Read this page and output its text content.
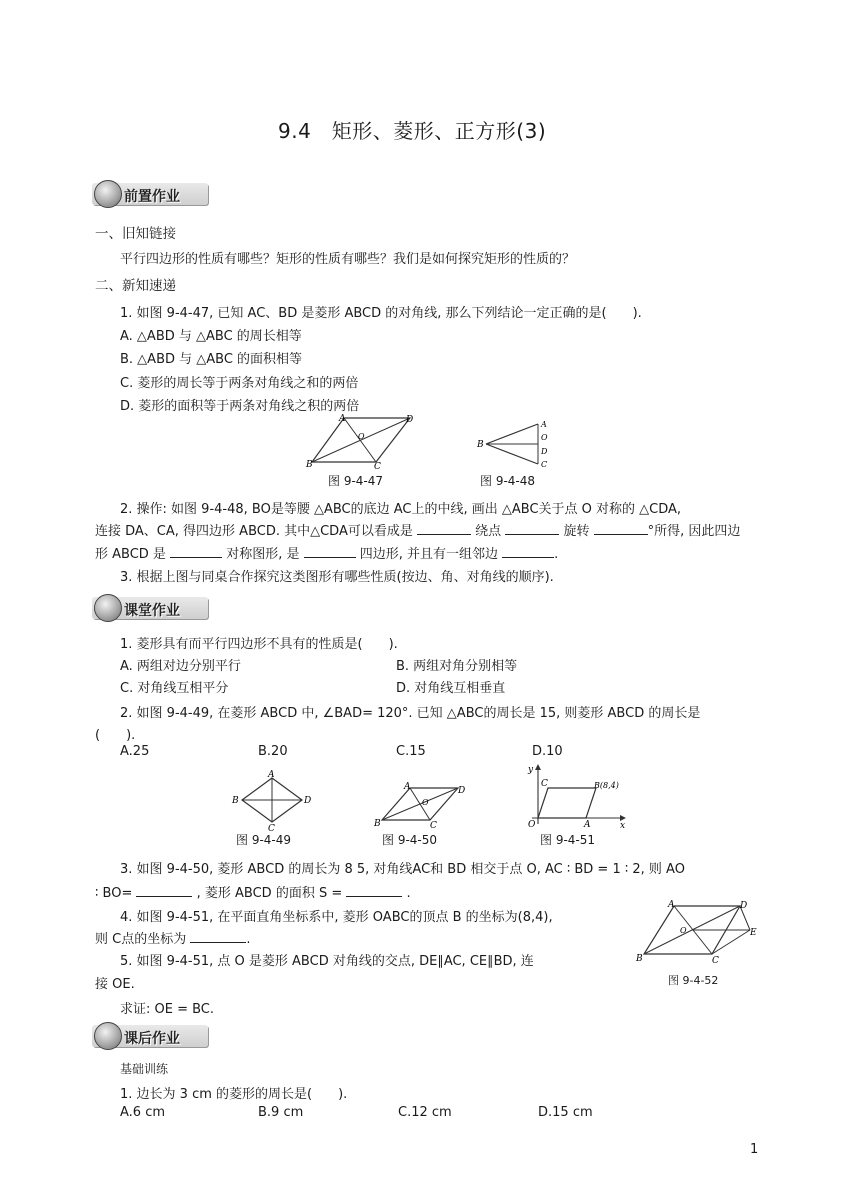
9.4　矩形、菱形、正方形(3)
前置作业
一、旧知链接
平行四边形的性质有哪些？矩形的性质有哪些？我们是如何探究矩形的性质的？
二、新知速递
1. 如图 9-4-47, 已知 AC、BD 是菱形 ABCD 的对角线, 那么下列结论一定正确的是(　　).
A. △ABD 与 △ABC 的周长相等
B. △ABD 与 △ABC 的面积相等
C. 菱形的周长等于两条对角线之和的两倍
D. 菱形的面积等于两条对角线之积的两倍
A	D
O
B	C
图 9-4-47
B
A
O
D
C
图 9-4-48
2. 操作: 如图 9-4-48, BO是等腰 △ABC的底边 AC上的中线, 画出 △ABC关于点 O 对称的 △CDA,
连接 DA、CA, 得四边形 ABCD. 其中△CDA可以看成是	绕点	旋转	°所得, 因此四边
形 ABCD 是	对称图形, 是	四边形, 并且有一组邻边	.
3. 根据上图与同桌合作探究这类图形有哪些性质(按边、角、对角线的顺序).
课堂作业
1. 菱形具有而平行四边形不具有的性质是(　　).
A. 两组对边分别平行	B. 两组对角分别相等
C. 对角线互相平分	D. 对角线互相垂直
2. 如图 9-4-49, 在菱形 ABCD 中, ∠BAD= 120°. 已知 △ABC的周长是 15, 则菱形 ABCD 的周长是
(　　).
A.25	B.20	C.15	D.10
A
B	D
C
图 9-4-49
A	D
O
B	C
图 9-4-50
y
C	B(8,4)
O	A	x
图 9-4-51
3. 如图 9-4-50, 菱形 ABCD 的周长为 8 5, 对角线AC和 BD 相交于点 O, AC ∶ BD = 1 ∶ 2, 则 AO
∶ BO=	, 菱形 ABCD 的面积 S =	.
4. 如图 9-4-51, 在平面直角坐标系中, 菱形 OABC的顶点 B 的坐标为(8,4),
则 C点的坐标为	.
A	D
O
B	C
E
图 9-4-52
5. 如图 9-4-51, 点 O 是菱形 ABCD 对角线的交点, DE∥AC, CE∥BD, 连
接 OE.
求证: OE = BC.
课后作业
基础训练
1. 边长为 3 cm 的菱形的周长是(　　).
A.6 cm	B.9 cm	C.12 cm	D.15 cm
1
